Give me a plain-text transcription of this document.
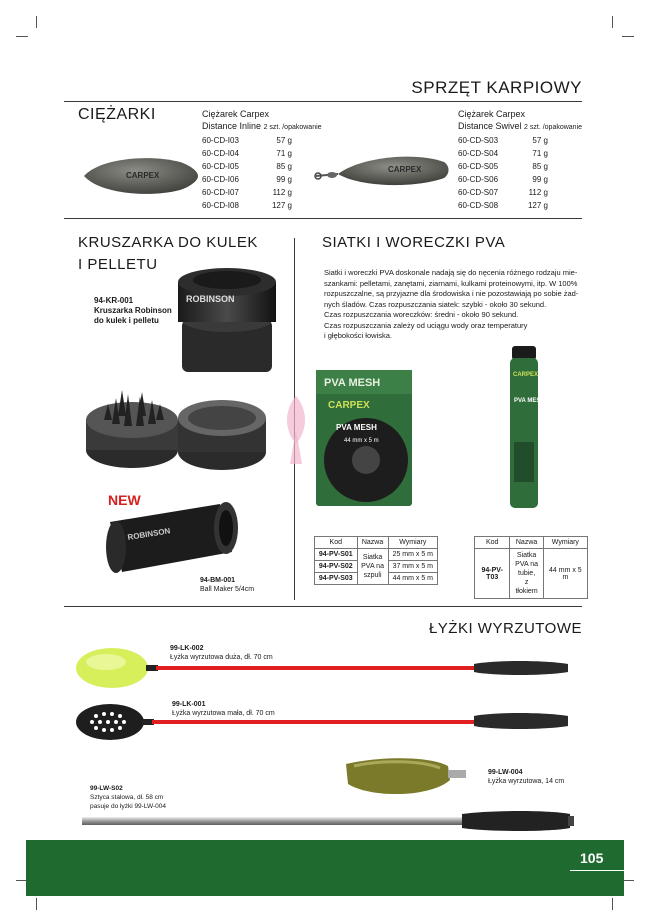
SPRZĘT KARPIOWY
CIĘŻARKI
CARPEX
Ciężarek Carpex
Distance Inline 2 szt. /opakowanie
60-CD-I03	57 g
60-CD-I04	71 g
60-CD-I05	85 g
60-CD-I06	99 g
60-CD-I07	112 g
60-CD-I08	127 g
CARPEX
Ciężarek Carpex
Distance Swivel 2 szt. /opakowanie
60-CD-S03	57 g
60-CD-S04	71 g
60-CD-S05	85 g
60-CD-S06	99 g
60-CD-S07	112 g
60-CD-S08	127 g
KRUSZARKA DO KULEK
I PELLETU
94-KR-001
Kruszarka Robinson
do kulek i pelletu
ROBINSON
NEW
ROBINSON
94-BM-001
Ball Maker 5/4cm
SIATKI I WORECZKI PVA
Siatki i woreczki PVA doskonale nadają się do nęcenia różnego rodzaju mie-
szankami: pelletami, zanętami, ziarnami, kulkami proteinowymi, itp. W 100%
rozpuszczalne, są przyjazne dla środowiska i nie pozostawiają po sobie żad-
nych śladów. Czas rozpuszczania siatek: szybki - około 30 sekund.
Czas rozpuszczania woreczków: średni - około 90 sekund.
Czas rozpuszczania zależy od uciągu wody oraz temperatury
i głębokości łowiska.
PVA MESH
CARPEX
PVA MESH
44 mm x 5 m
CARPEX
PVA MESH TUNEL
Kod	Nazwa	Wymiary
94-PV-S01	Siatka
PVA na
szpuli	25 mm x 5 m
94-PV-S02		37 mm x 5 m
94-PV-S03		44 mm x 5 m
Kod	Nazwa	Wymiary
94-PV-T03	Siatka
PVA na
tubie,
z tłokiem	44 mm x 5 m
ŁYŻKI WYRZUTOWE
99-LK-002
Łyżka wyrzutowa duża, dł. 70 cm
99-LK-001
Łyżka wyrzutowa mała, dł. 70 cm
99-LW-004
Łyżka wyrzutowa, 14 cm
99-LW-S02
Sztyca stalowa, dł. 58 cm
pasuje do łyżki 99-LW-004
105
